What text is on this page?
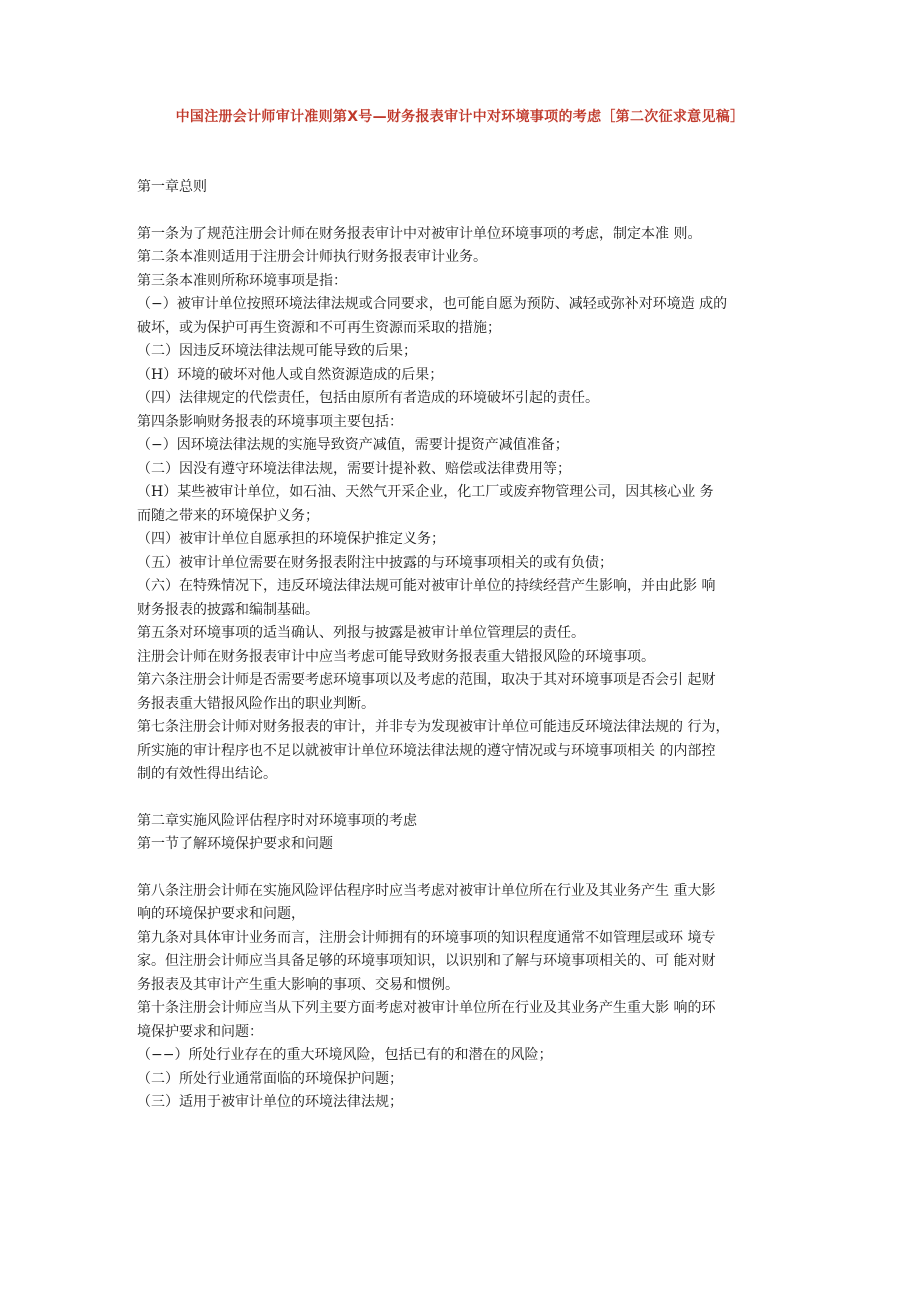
中国注册会计师审计准则第X号—财务报表审计中对环境事项的考虑［第二次征求意见稿］
第一章总则
第一条为了规范注册会计师在财务报表审计中对被审计单位环境事项的考虑，制定本准 则。
第二条本准则适用于注册会计师执行财务报表审计业务。
第三条本准则所称环境事项是指：
（−）被审计单位按照环境法律法规或合同要求，也可能自愿为预防、减轻或弥补对环境造 成的
破坏，或为保护可再生资源和不可再生资源而采取的措施；
（二）因违反环境法律法规可能导致的后果；
（H）环境的破坏对他人或自然资源造成的后果；
（四）法律规定的代偿责任，包括由原所有者造成的环境破坏引起的责任。
第四条影响财务报表的环境事项主要包括：
（−）因环境法律法规的实施导致资产减值，需要计提资产减值准备；
（二）因没有遵守环境法律法规，需要计提补救、赔偿或法律费用等；
（H）某些被审计单位，如石油、天然气开采企业，化工厂或废弃物管理公司，因其核心业 务
而随之带来的环境保护义务；
（四）被审计单位自愿承担的环境保护推定义务；
（五）被审计单位需要在财务报表附注中披露的与环境事项相关的或有负债；
（六）在特殊情况下，违反环境法律法规可能对被审计单位的持续经营产生影响，并由此影 响
财务报表的披露和编制基础。
第五条对环境事项的适当确认、列报与披露是被审计单位管理层的责任。
注册会计师在财务报表审计中应当考虑可能导致财务报表重大错报风险的环境事项。
第六条注册会计师是否需要考虑环境事项以及考虑的范围，取决于其对环境事项是否会引 起财
务报表重大错报风险作出的职业判断。
第七条注册会计师对财务报表的审计，并非专为发现被审计单位可能违反环境法律法规的 行为，
所实施的审计程序也不足以就被审计单位环境法律法规的遵守情况或与环境事项相关 的内部控
制的有效性得出结论。
第二章实施风险评估程序时对环境事项的考虑
第一节了解环境保护要求和问题
第八条注册会计师在实施风险评估程序时应当考虑对被审计单位所在行业及其业务产生 重大影
响的环境保护要求和问题，
第九条对具体审计业务而言，注册会计师拥有的环境事项的知识程度通常不如管理层或环 境专
家。但注册会计师应当具备足够的环境事项知识，以识别和了解与环境事项相关的、可 能对财
务报表及其审计产生重大影响的事项、交易和惯例。
第十条注册会计师应当从下列主要方面考虑对被审计单位所在行业及其业务产生重大影 响的环
境保护要求和问题：
（−−）所处行业存在的重大环境风险，包括已有的和潜在的风险；
（二）所处行业通常面临的环境保护问题；
（三）适用于被审计单位的环境法律法规；
